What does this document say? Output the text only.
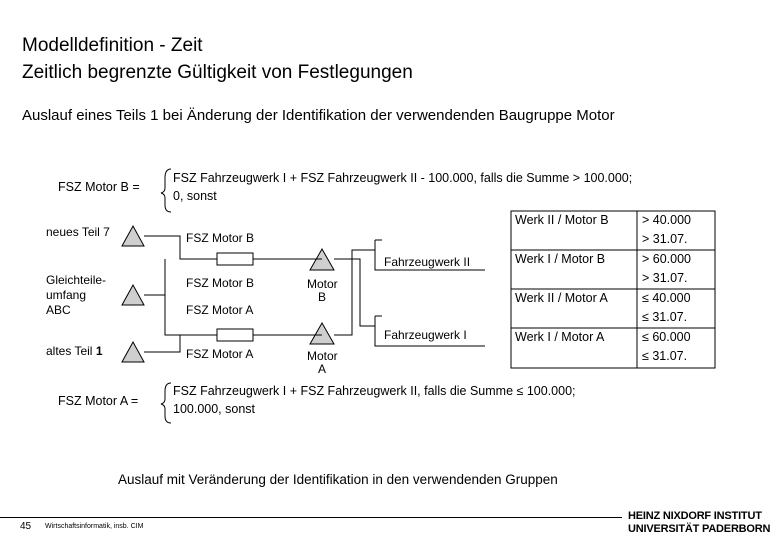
Modelldefinition - Zeit
Zeitlich begrenzte Gültigkeit von Festlegungen
Auslauf eines Teils 1 bei Änderung der Identifikation der verwendenden Baugruppe Motor
FSZ Motor B =
FSZ Fahrzeugwerk I + FSZ Fahrzeugwerk II - 100.000, falls die Summe > 100.000;
0, sonst
FSZ Motor A =
FSZ Fahrzeugwerk I + FSZ Fahrzeugwerk II, falls die Summe ≤ 100.000;
100.000, sonst
neues Teil 7
Gleichteile-
umfang
ABC
altes Teil 1
FSZ Motor B
FSZ Motor B
FSZ Motor A
FSZ Motor A
Motor
B
Motor
A
Fahrzeugwerk II
Fahrzeugwerk I
Werk II / Motor B	> 40.000
> 31.07.
Werk I / Motor B	> 60.000
> 31.07.
Werk II / Motor A	≤ 40.000
≤ 31.07.
Werk I / Motor A	≤ 60.000
≤ 31.07.
Auslauf mit Veränderung der Identifikation in den verwendenden Gruppen
45 Wirtschaftsinformatik, insb. CIM
HEINZ NIXDORF INSTITUT
UNIVERSITÄT PADERBORN
